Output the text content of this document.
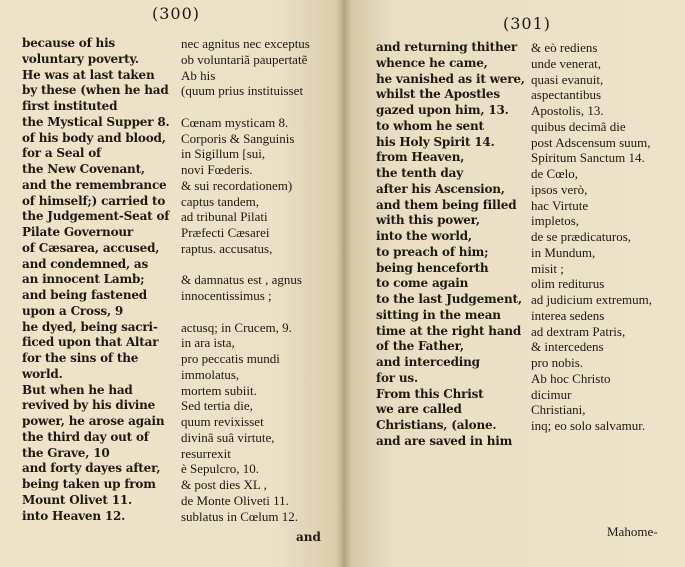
(300)
because of his
voluntary poverty.
He was at last taken
by these (when he had
first instituted
the Mystical Supper 8.
of his body and blood,
for a Seal of
the New Covenant,
and the remembrance
of himself;) carried to
the Judgement-Seat of
Pilate Governour
of Cæsarea, accused,
and condemned, as
an innocent Lamb;
and being fastened
upon a Cross, 9
he dyed, being sacri-
ficed upon that Altar
for the sins of the
world.
But when he had
revived by his divine
power, he arose again
the third day out of
the Grave, 10
and forty dayes after,
being taken up from
Mount Olivet 11.
into Heaven 12.
nec agnitus nec exceptus
ob voluntariã paupertatẽ
Ab his
(quum prius instituisset
Cœnam mysticam 8.
Corporis & Sanguinis
in Sigillum [sui,
novi Fœderis.
& sui recordationem)
captus tandem,
ad tribunal Pilati
Præfecti Cæsarei
raptus. accusatus,
& damnatus est , agnus
innocentissimus ;
actusq; in Crucem, 9.
in ara ista,
pro peccatis mundi
immolatus,
mortem subiit.
Sed tertia die,
quum revixisset
divinâ suâ virtute,
resurrexit
è Sepulcro, 10.
& post dies XL ,
de Monte Oliveti 11.
sublatus in Cœlum 12.
and
(301)
and returning thither
whence he came,
he vanished as it were,
whilst the Apostles
gazed upon him, 13.
to whom he sent
his Holy Spirit 14.
from Heaven,
the tenth day
after his Ascension,
and them being filled
with this power,
into the world,
to preach of him;
being henceforth
to come again
to the last Judgement,
sitting in the mean
time at the right hand
of the Father,
and interceding
for us.
From this Christ
we are called
Christians, (alone.
and are saved in him
& eò rediens
unde venerat,
quasi evanuit,
aspectantibus
Apostolis, 13.
quibus decimâ die
post Adscensum suum,
Spiritum Sanctum 14.
de Cœlo,
ipsos verò,
hac Virtute
impletos,
de se prædicaturos,
in Mundum,
misit ;
olim rediturus
ad judicium extremum,
interea sedens
ad dextram Patris,
& intercedens
pro nobis.
Ab hoc Christo
dicimur
Christiani,
inq; eo solo salvamur.
Mahome-
